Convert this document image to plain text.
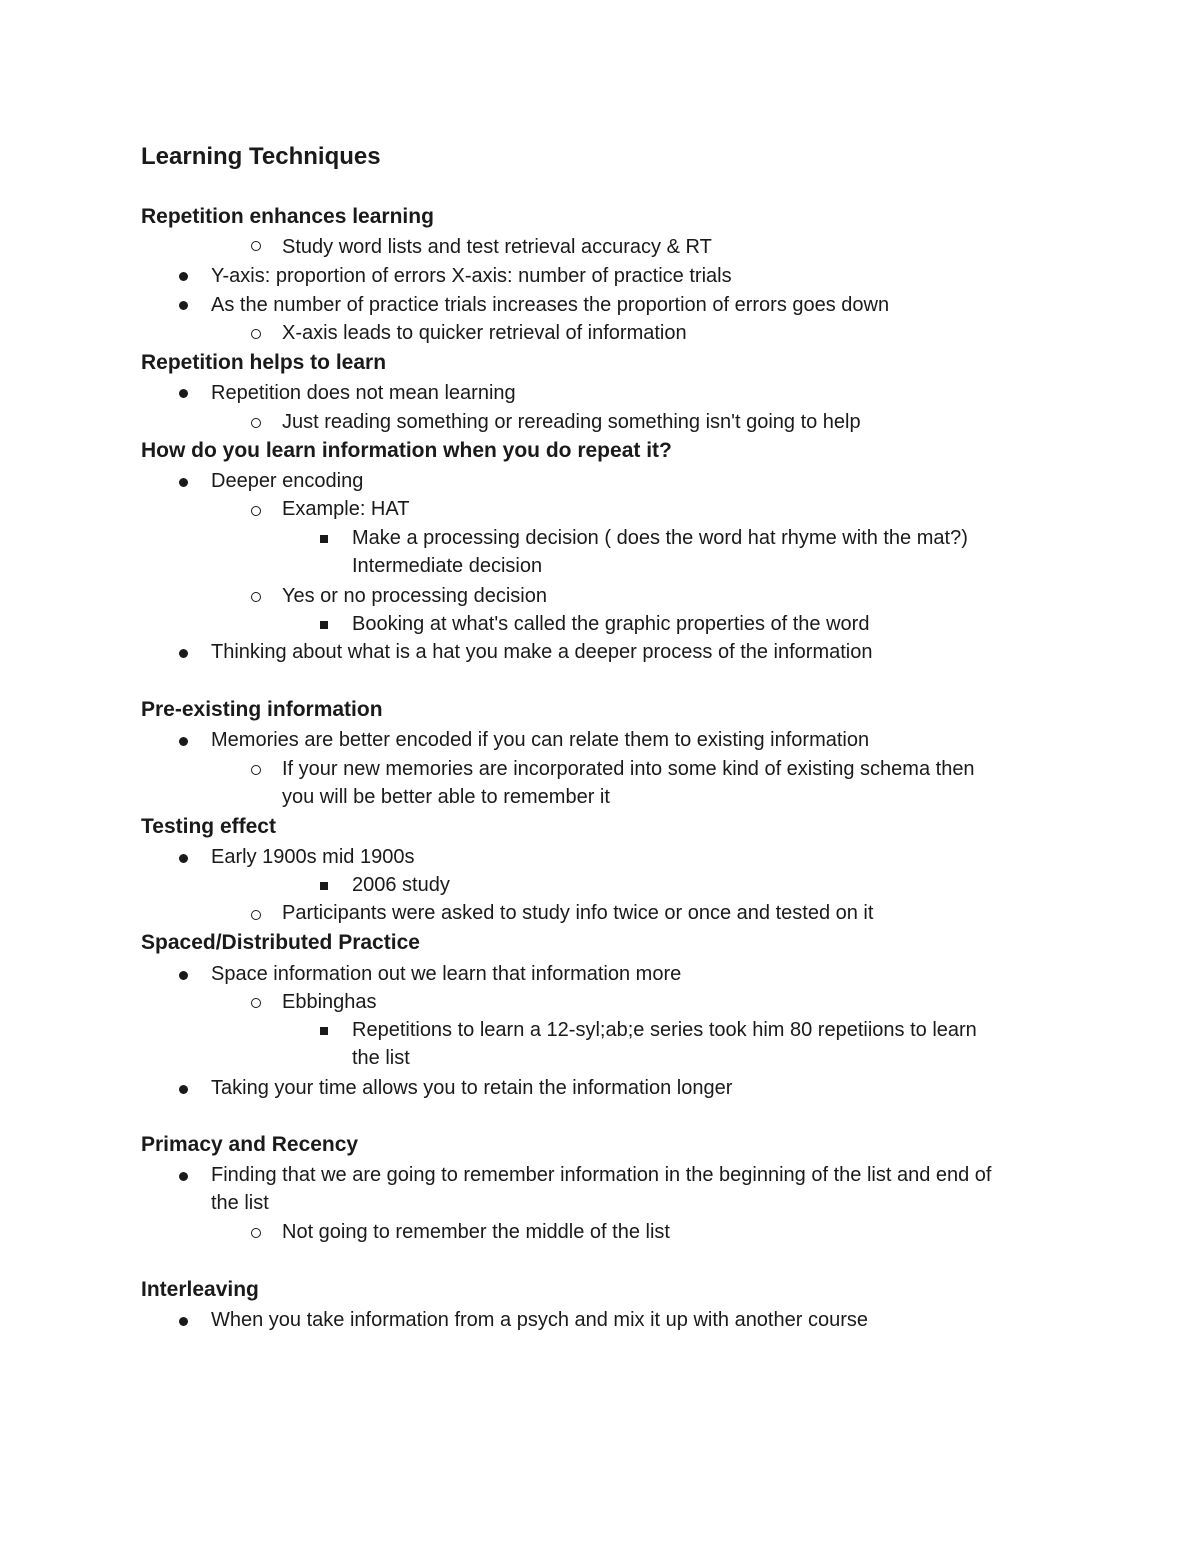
Learning Techniques
Repetition enhances learning
Study word lists and test retrieval accuracy & RT
Y-axis: proportion of errors X-axis: number of practice trials
As the number of practice trials increases the proportion of errors goes down
X-axis leads to quicker retrieval of information
Repetition helps to learn
Repetition does not mean learning
Just reading something or rereading something isn't going to help
How do you learn information when you do repeat it?
Deeper encoding
Example: HAT
Make a processing decision ( does the word hat rhyme with the mat?)
Intermediate decision
Yes or no processing decision
Booking at what's called the graphic properties of the word
Thinking about what is a hat you make a deeper process of the information
Pre-existing information
Memories are better encoded if you can relate them to existing information
If your new memories are incorporated into some kind of existing schema then
you will be better able to remember it
Testing effect
Early 1900s mid 1900s
2006 study
Participants were asked to study info twice or once and tested on it
Spaced/Distributed Practice
Space information out we learn that information more
Ebbinghas
Repetitions to learn a 12-syl;ab;e series took him 80 repetiions to learn
the list
Taking your time allows you to retain the information longer
Primacy and Recency
Finding that we are going to remember information in the beginning of the list and end of
the list
Not going to remember the middle of the list
Interleaving
When you take information from a psych and mix it up with another course
